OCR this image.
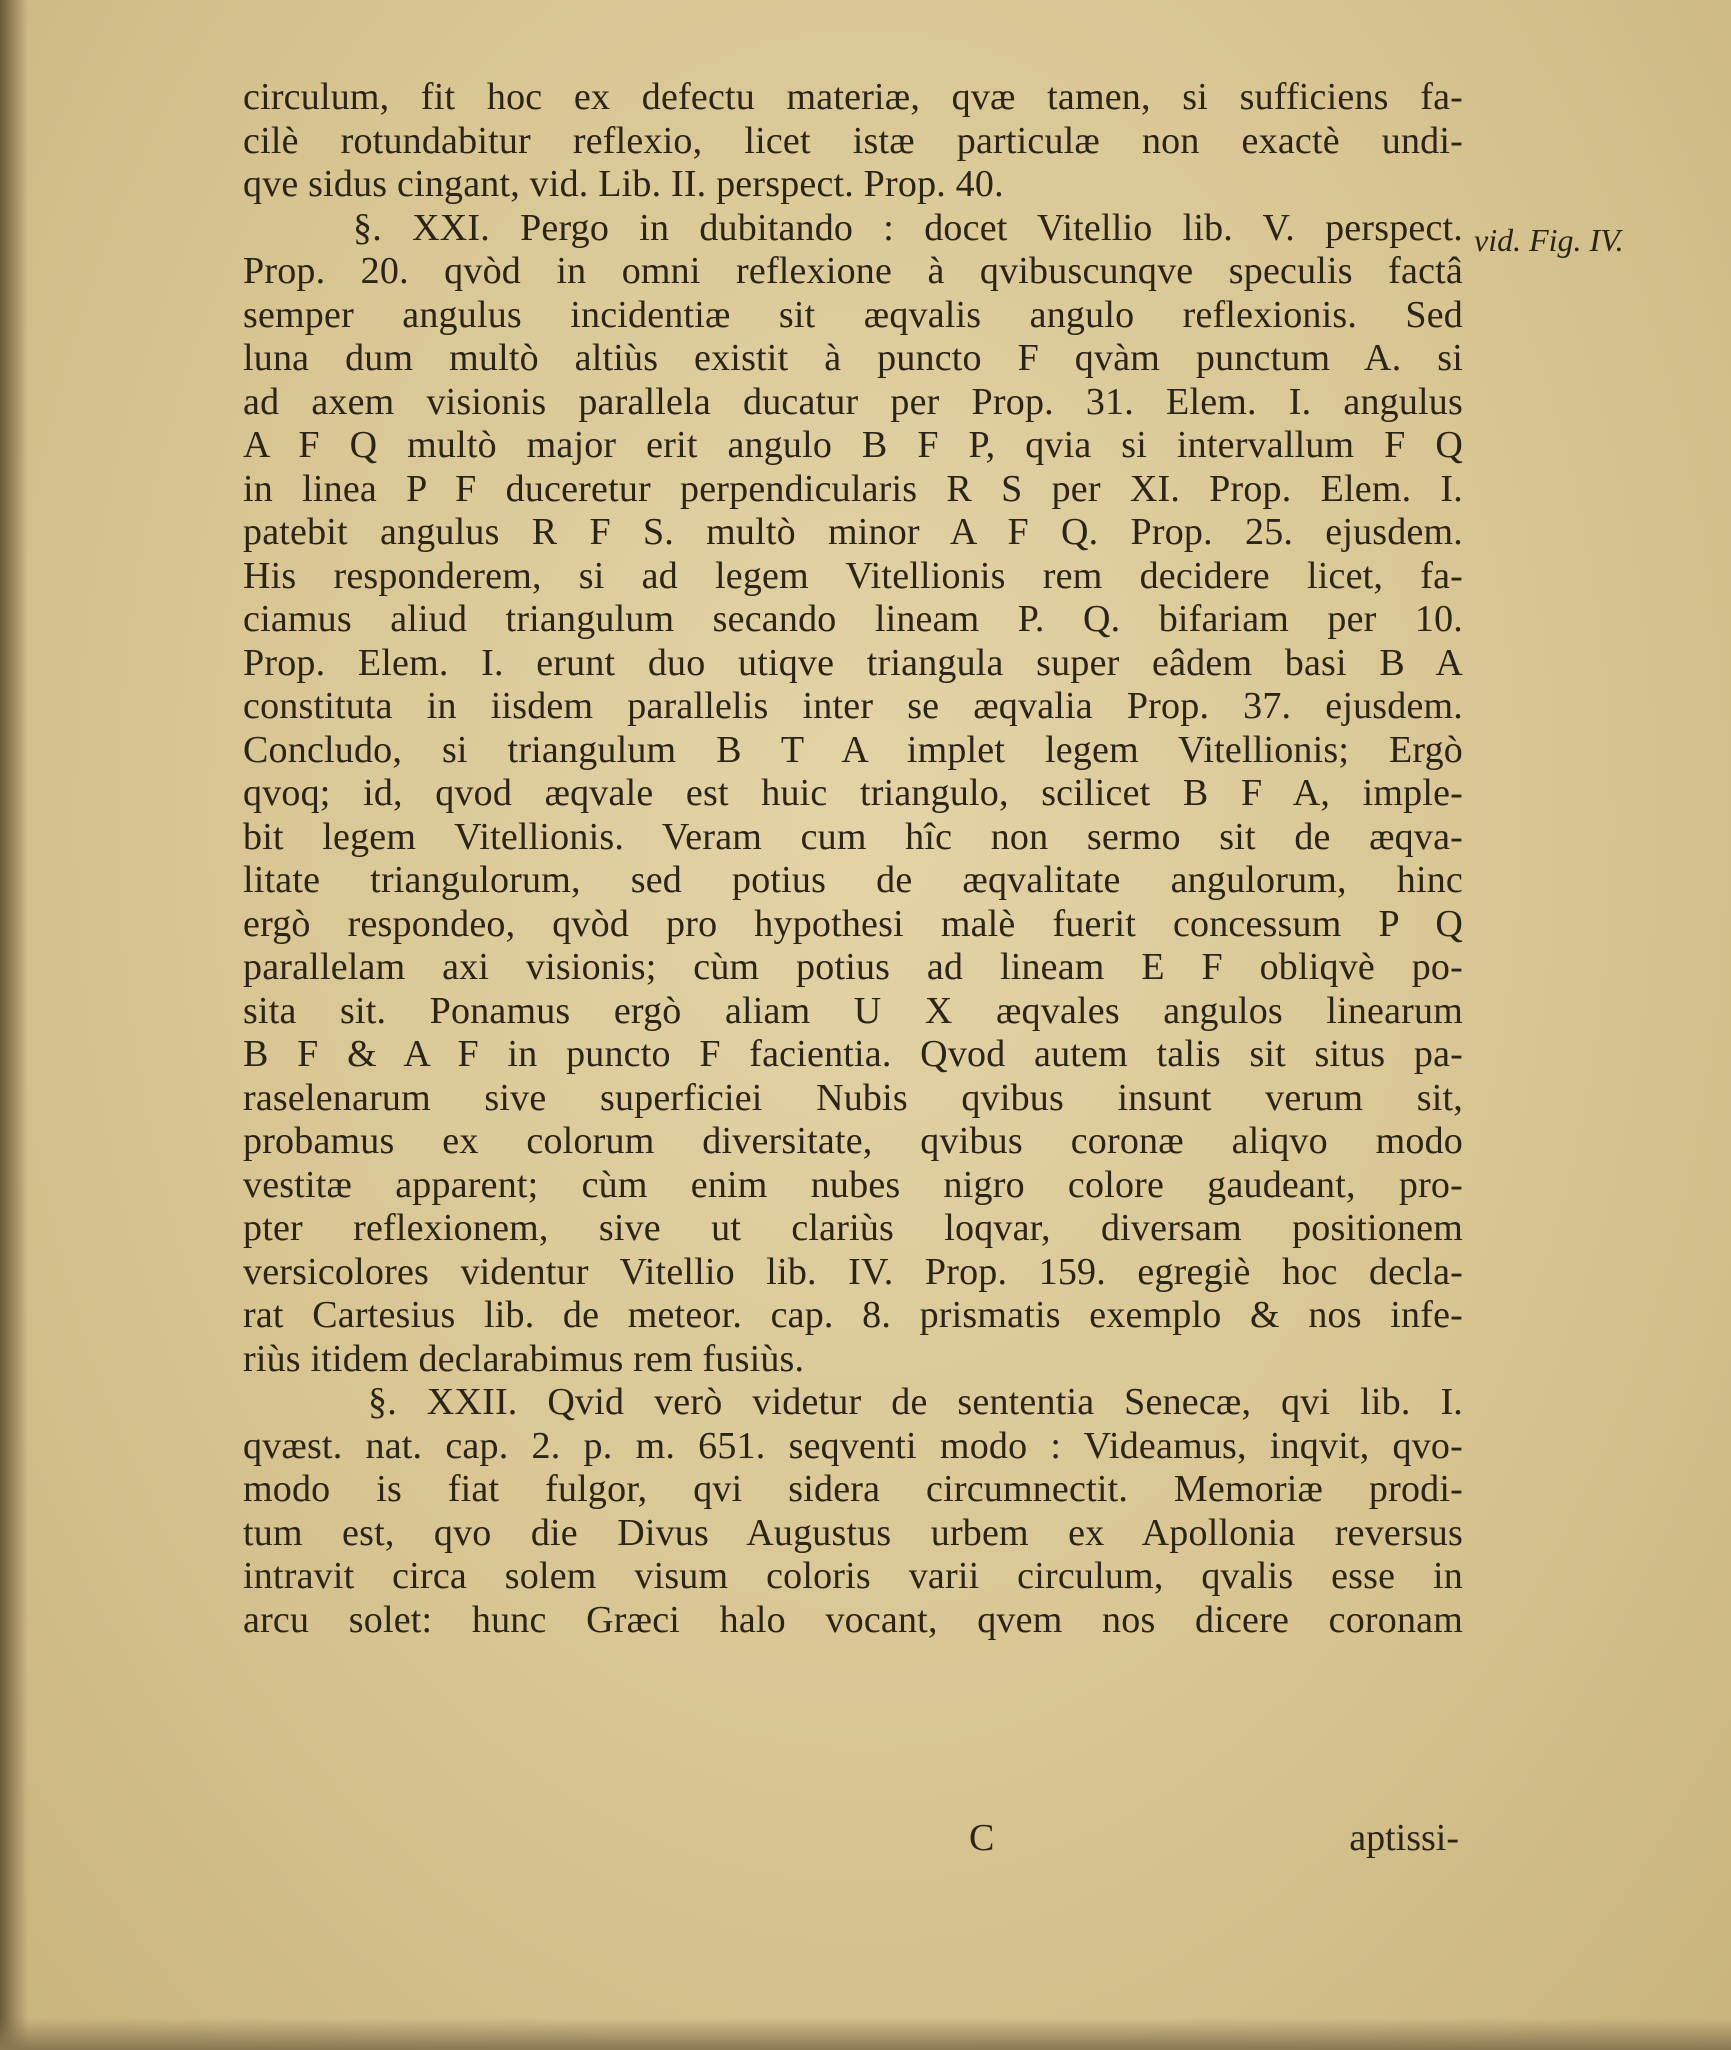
circulum, fit hoc ex defectu materiæ, qvæ tamen, si sufficiens fa-
cilè rotundabitur reflexio, licet istæ particulæ non exactè undi-
qve sidus cingant, vid. Lib. II. perspect. Prop. 40.
§. XXI. Pergo in dubitando : docet Vitellio lib. V. perspect.
Prop. 20. qvòd in omni reflexione à qvibuscunqve speculis factâ
semper angulus incidentiæ sit æqvalis angulo reflexionis. Sed
luna dum multò altiùs existit à puncto F qvàm punctum A. si
ad axem visionis parallela ducatur per Prop. 31. Elem. I. angulus
A F Q multò major erit angulo B F P, qvia si intervallum F Q
in linea P F duceretur perpendicularis R S per XI. Prop. Elem. I.
patebit angulus R F S. multò minor A F Q. Prop. 25. ejusdem.
His responderem, si ad legem Vitellionis rem decidere licet, fa-
ciamus aliud triangulum secando lineam P. Q. bifariam per 10.
Prop. Elem. I. erunt duo utiqve triangula super eâdem basi B A
constituta in iisdem parallelis inter se æqvalia Prop. 37. ejusdem.
Concludo, si triangulum B T A implet legem Vitellionis; Ergò
qvoq; id, qvod æqvale est huic triangulo, scilicet B F A, imple-
bit legem Vitellionis. Veram cum hîc non sermo sit de æqva-
litate triangulorum, sed potius de æqvalitate angulorum, hinc
ergò respondeo, qvòd pro hypothesi malè fuerit concessum P Q
parallelam axi visionis; cùm potius ad lineam E F obliqvè po-
sita sit. Ponamus ergò aliam U X æqvales angulos linearum
B F & A F in puncto F facientia. Qvod autem talis sit situs pa-
raselenarum sive superficiei Nubis qvibus insunt verum sit,
probamus ex colorum diversitate, qvibus coronæ aliqvo modo
vestitæ apparent; cùm enim nubes nigro colore gaudeant, pro-
pter reflexionem, sive ut clariùs loqvar, diversam positionem
versicolores videntur Vitellio lib. IV. Prop. 159. egregiè hoc decla-
rat Cartesius lib. de meteor. cap. 8. prismatis exemplo & nos infe-
riùs itidem declarabimus rem fusiùs.
§. XXII. Qvid verò videtur de sententia Senecæ, qvi lib. I.
qvæst. nat. cap. 2. p. m. 651. seqventi modo : Videamus, inqvit, qvo-
modo is fiat fulgor, qvi sidera circumnectit. Memoriæ prodi-
tum est, qvo die Divus Augustus urbem ex Apollonia reversus
intravit circa solem visum coloris varii circulum, qvalis esse in
arcu solet: hunc Græci halo vocant, qvem nos dicere coronam
vid. Fig. IV.
C	aptissi-
